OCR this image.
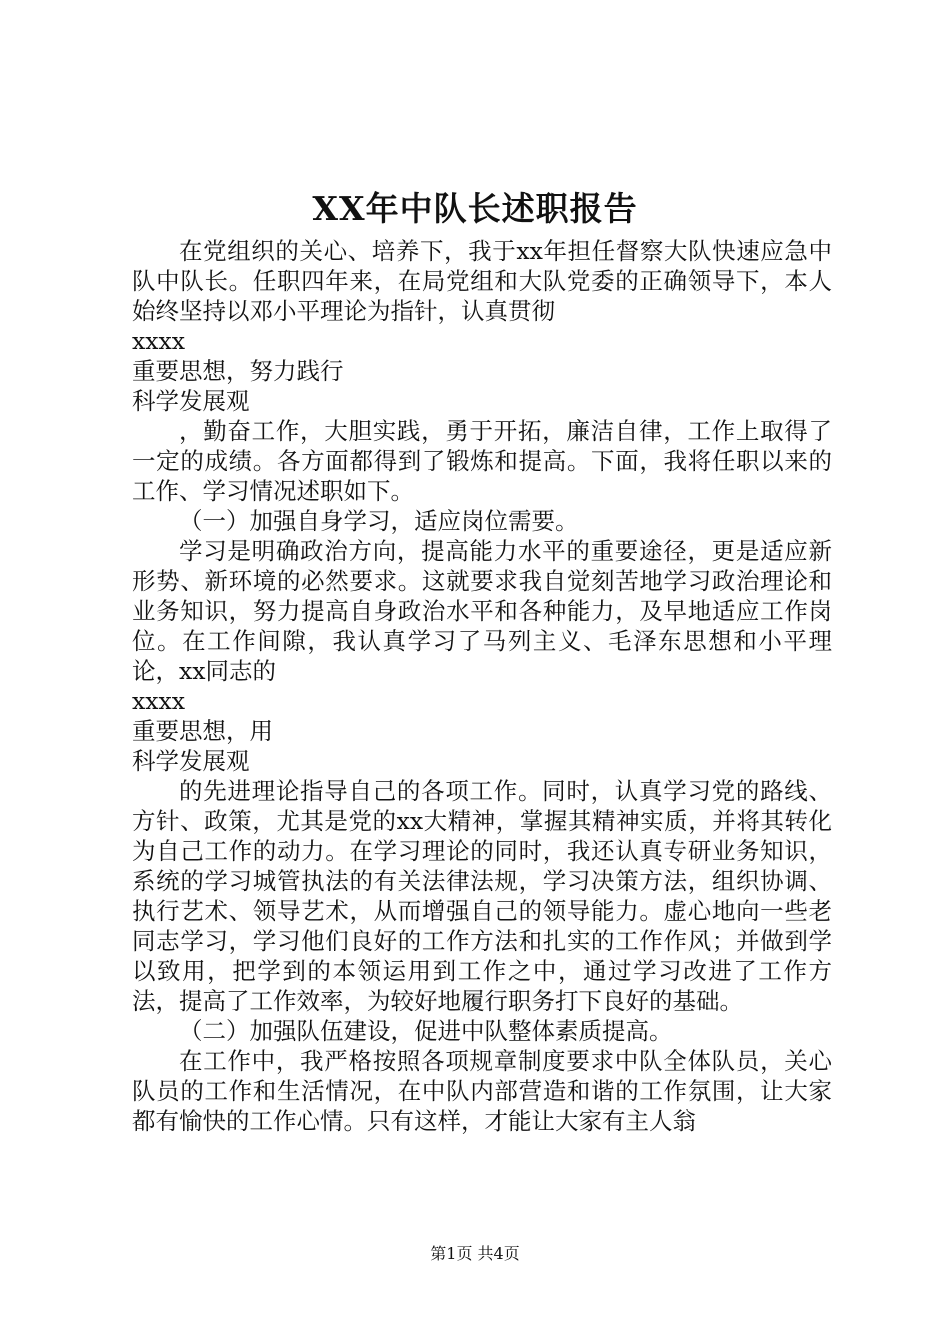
XX年中队长述职报告

在党组织的关心、培养下，我于xx年担任督察大队快速应急中队中队长。任职四年来，在局党组和大队党委的正确领导下，本人始终坚持以邓小平理论为指针，认真贯彻

xxxx

重要思想，努力践行

科学发展观

，勤奋工作，大胆实践，勇于开拓，廉洁自律，工作上取得了一定的成绩。各方面都得到了锻炼和提高。下面，我将任职以来的工作、学习情况述职如下。

（一）加强自身学习，适应岗位需要。

学习是明确政治方向，提高能力水平的重要途径，更是适应新形势、新环境的必然要求。这就要求我自觉刻苦地学习政治理论和业务知识，努力提高自身政治水平和各种能力，及早地适应工作岗位。在工作间隙，我认真学习了马列主义、毛泽东思想和小平理论，xx同志的

xxxx

重要思想，用

科学发展观

的先进理论指导自己的各项工作。同时，认真学习党的路线、方针、政策，尤其是党的xx大精神，掌握其精神实质，并将其转化为自己工作的动力。在学习理论的同时，我还认真专研业务知识，系统的学习城管执法的有关法律法规，学习决策方法，组织协调、执行艺术、领导艺术，从而增强自己的领导能力。虚心地向一些老同志学习，学习他们良好的工作方法和扎实的工作作风；并做到学以致用，把学到的本领运用到工作之中，通过学习改进了工作方法，提高了工作效率，为较好地履行职务打下良好的基础。

（二）加强队伍建设，促进中队整体素质提高。

在工作中，我严格按照各项规章制度要求中队全体队员，关心队员的工作和生活情况，在中队内部营造和谐的工作氛围，让大家都有愉快的工作心情。只有这样，才能让大家有主人翁

第1页 共4页
